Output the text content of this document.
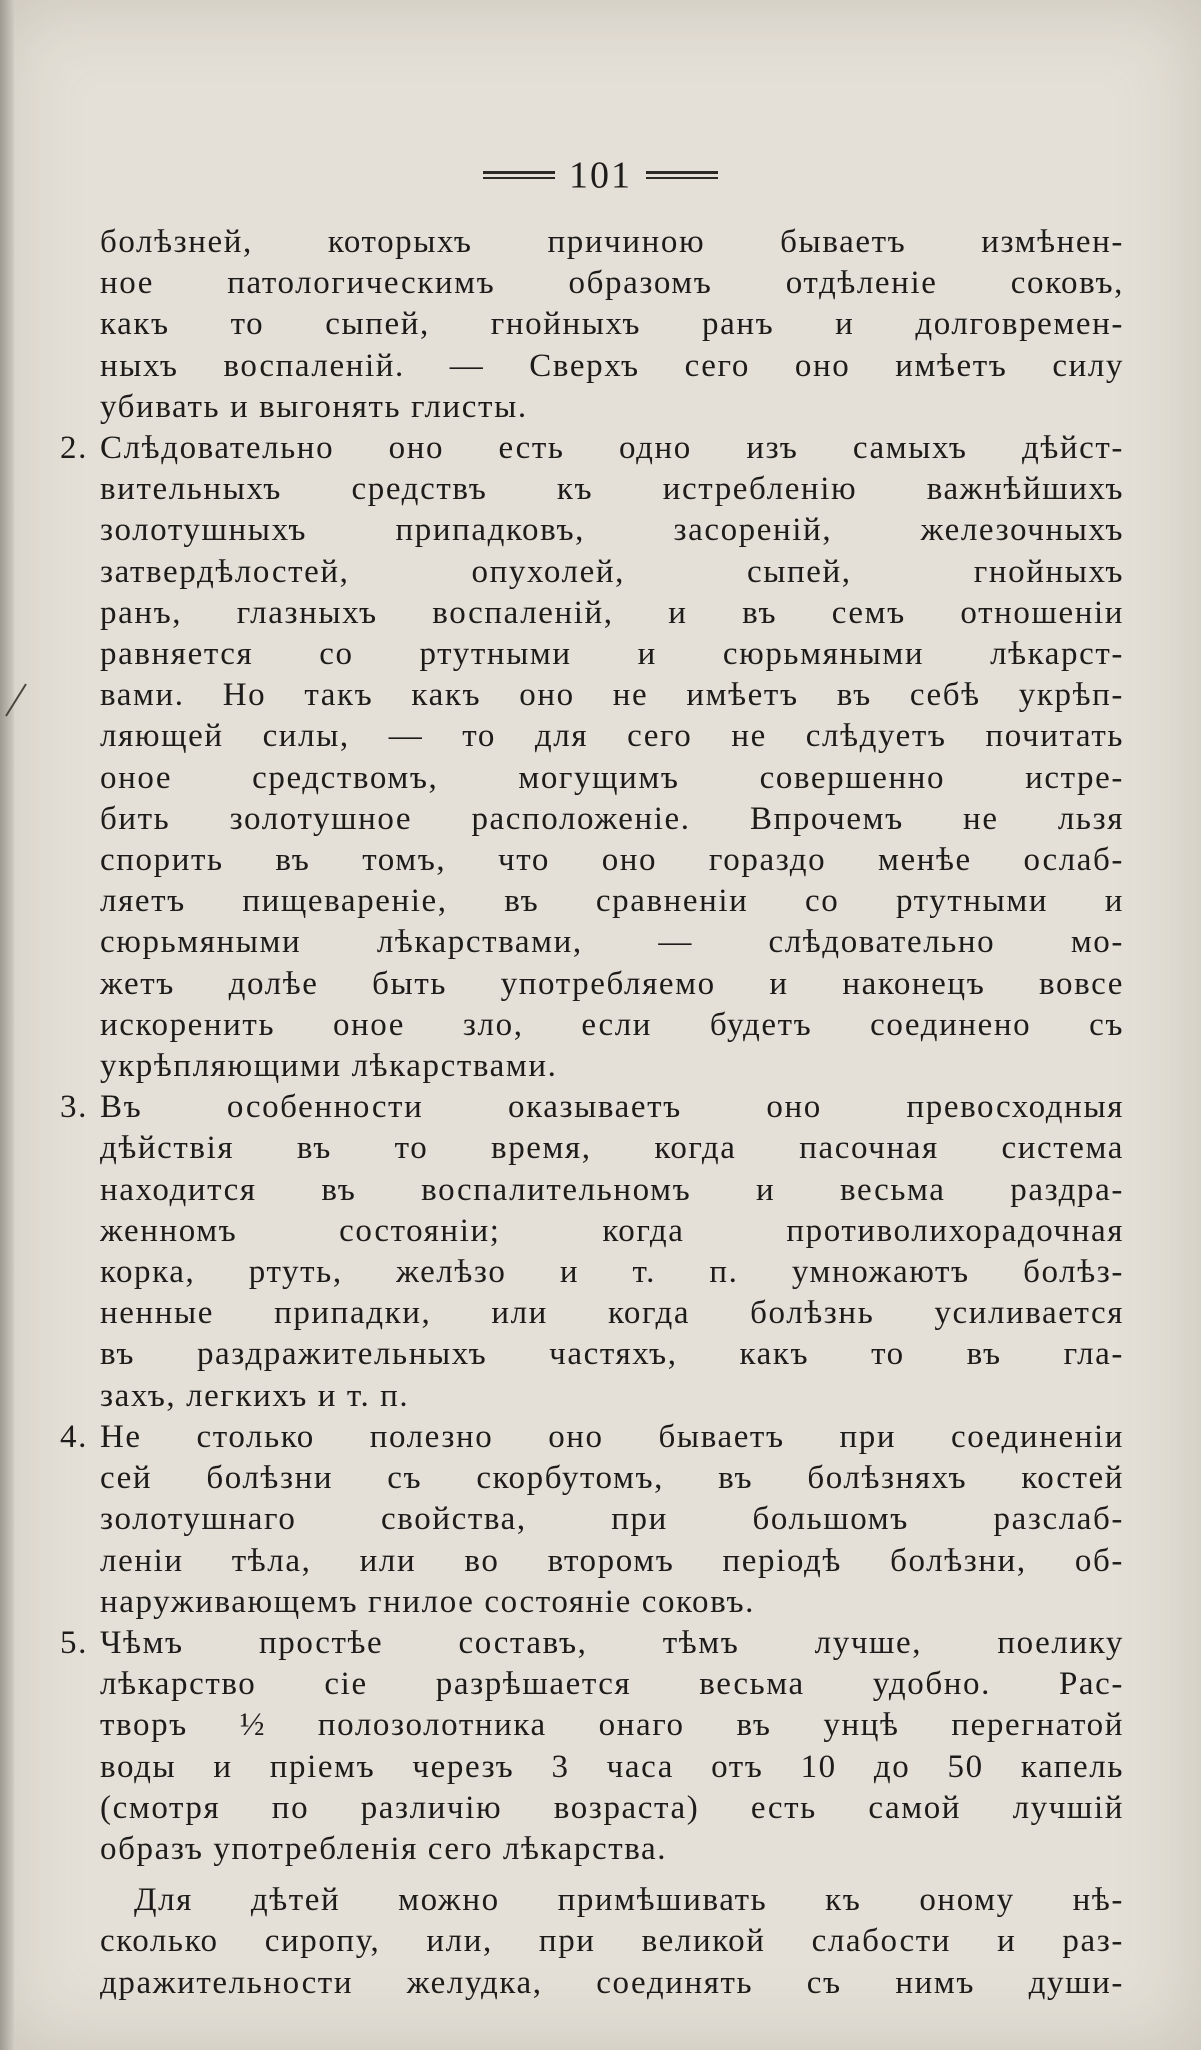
101
болѣзней, которыхъ причиною бываетъ измѣнен-
ное патологическимъ образомъ отдѣленіе соковъ,
какъ то сыпей, гнойныхъ ранъ и долговремен-
ныхъ воспаленій. — Сверхъ сего оно имѣетъ силу
убивать и выгонять глисты.
2. Слѣдовательно оно есть одно изъ самыхъ дѣйст-
вительныхъ средствъ къ истребленію важнѣйшихъ
золотушныхъ припадковъ, засореній, железочныхъ
затвердѣлостей, опухолей, сыпей, гнойныхъ
ранъ, глазныхъ воспаленій, и въ семъ отношеніи
равняется со ртутными и сюрьмяными лѣкарст-
вами. Но такъ какъ оно не имѣетъ въ себѣ укрѣп-
ляющей силы, — то для сего не слѣдуетъ почитать
оное средствомъ, могущимъ совершенно истре-
бить золотушное расположеніе. Впрочемъ не льзя
спорить въ томъ, что оно гораздо менѣе ослаб-
ляетъ пищевареніе, въ сравненіи со ртутными и
сюрьмяными лѣкарствами, — слѣдовательно мо-
жетъ долѣе быть употребляемо и наконецъ вовсе
искоренить оное зло, если будетъ соединено съ
укрѣпляющими лѣкарствами.
3. Въ особенности оказываетъ оно превосходныя
дѣйствія въ то время, когда пасочная система
находится въ воспалительномъ и весьма раздра-
женномъ состояніи; когда противолихорадочная
корка, ртуть, желѣзо и т. п. умножаютъ болѣз-
ненные припадки, или когда болѣзнь усиливается
въ раздражительныхъ частяхъ, какъ то въ гла-
захъ, легкихъ и т. п.
4. Не столько полезно оно бываетъ при соединеніи
сей болѣзни съ скорбутомъ, въ болѣзняхъ костей
золотушнаго свойства, при большомъ разслаб-
леніи тѣла, или во второмъ періодѣ болѣзни, об-
наруживающемъ гнилое состояніе соковъ.
5. Чѣмъ простѣе составъ, тѣмъ лучше, поелику
лѣкарство сіе разрѣшается весьма удобно. Рас-
творъ ½ полозолотника онаго въ унцѣ перегнатой
воды и пріемъ черезъ 3 часа отъ 10 до 50 капель
(смотря по различію возраста) есть самой лучшій
образъ употребленія сего лѣкарства.
Для дѣтей можно примѣшивать къ оному нѣ-
сколько сиропу, или, при великой слабости и раз-
дражительности желудка, соединять съ нимъ души-
